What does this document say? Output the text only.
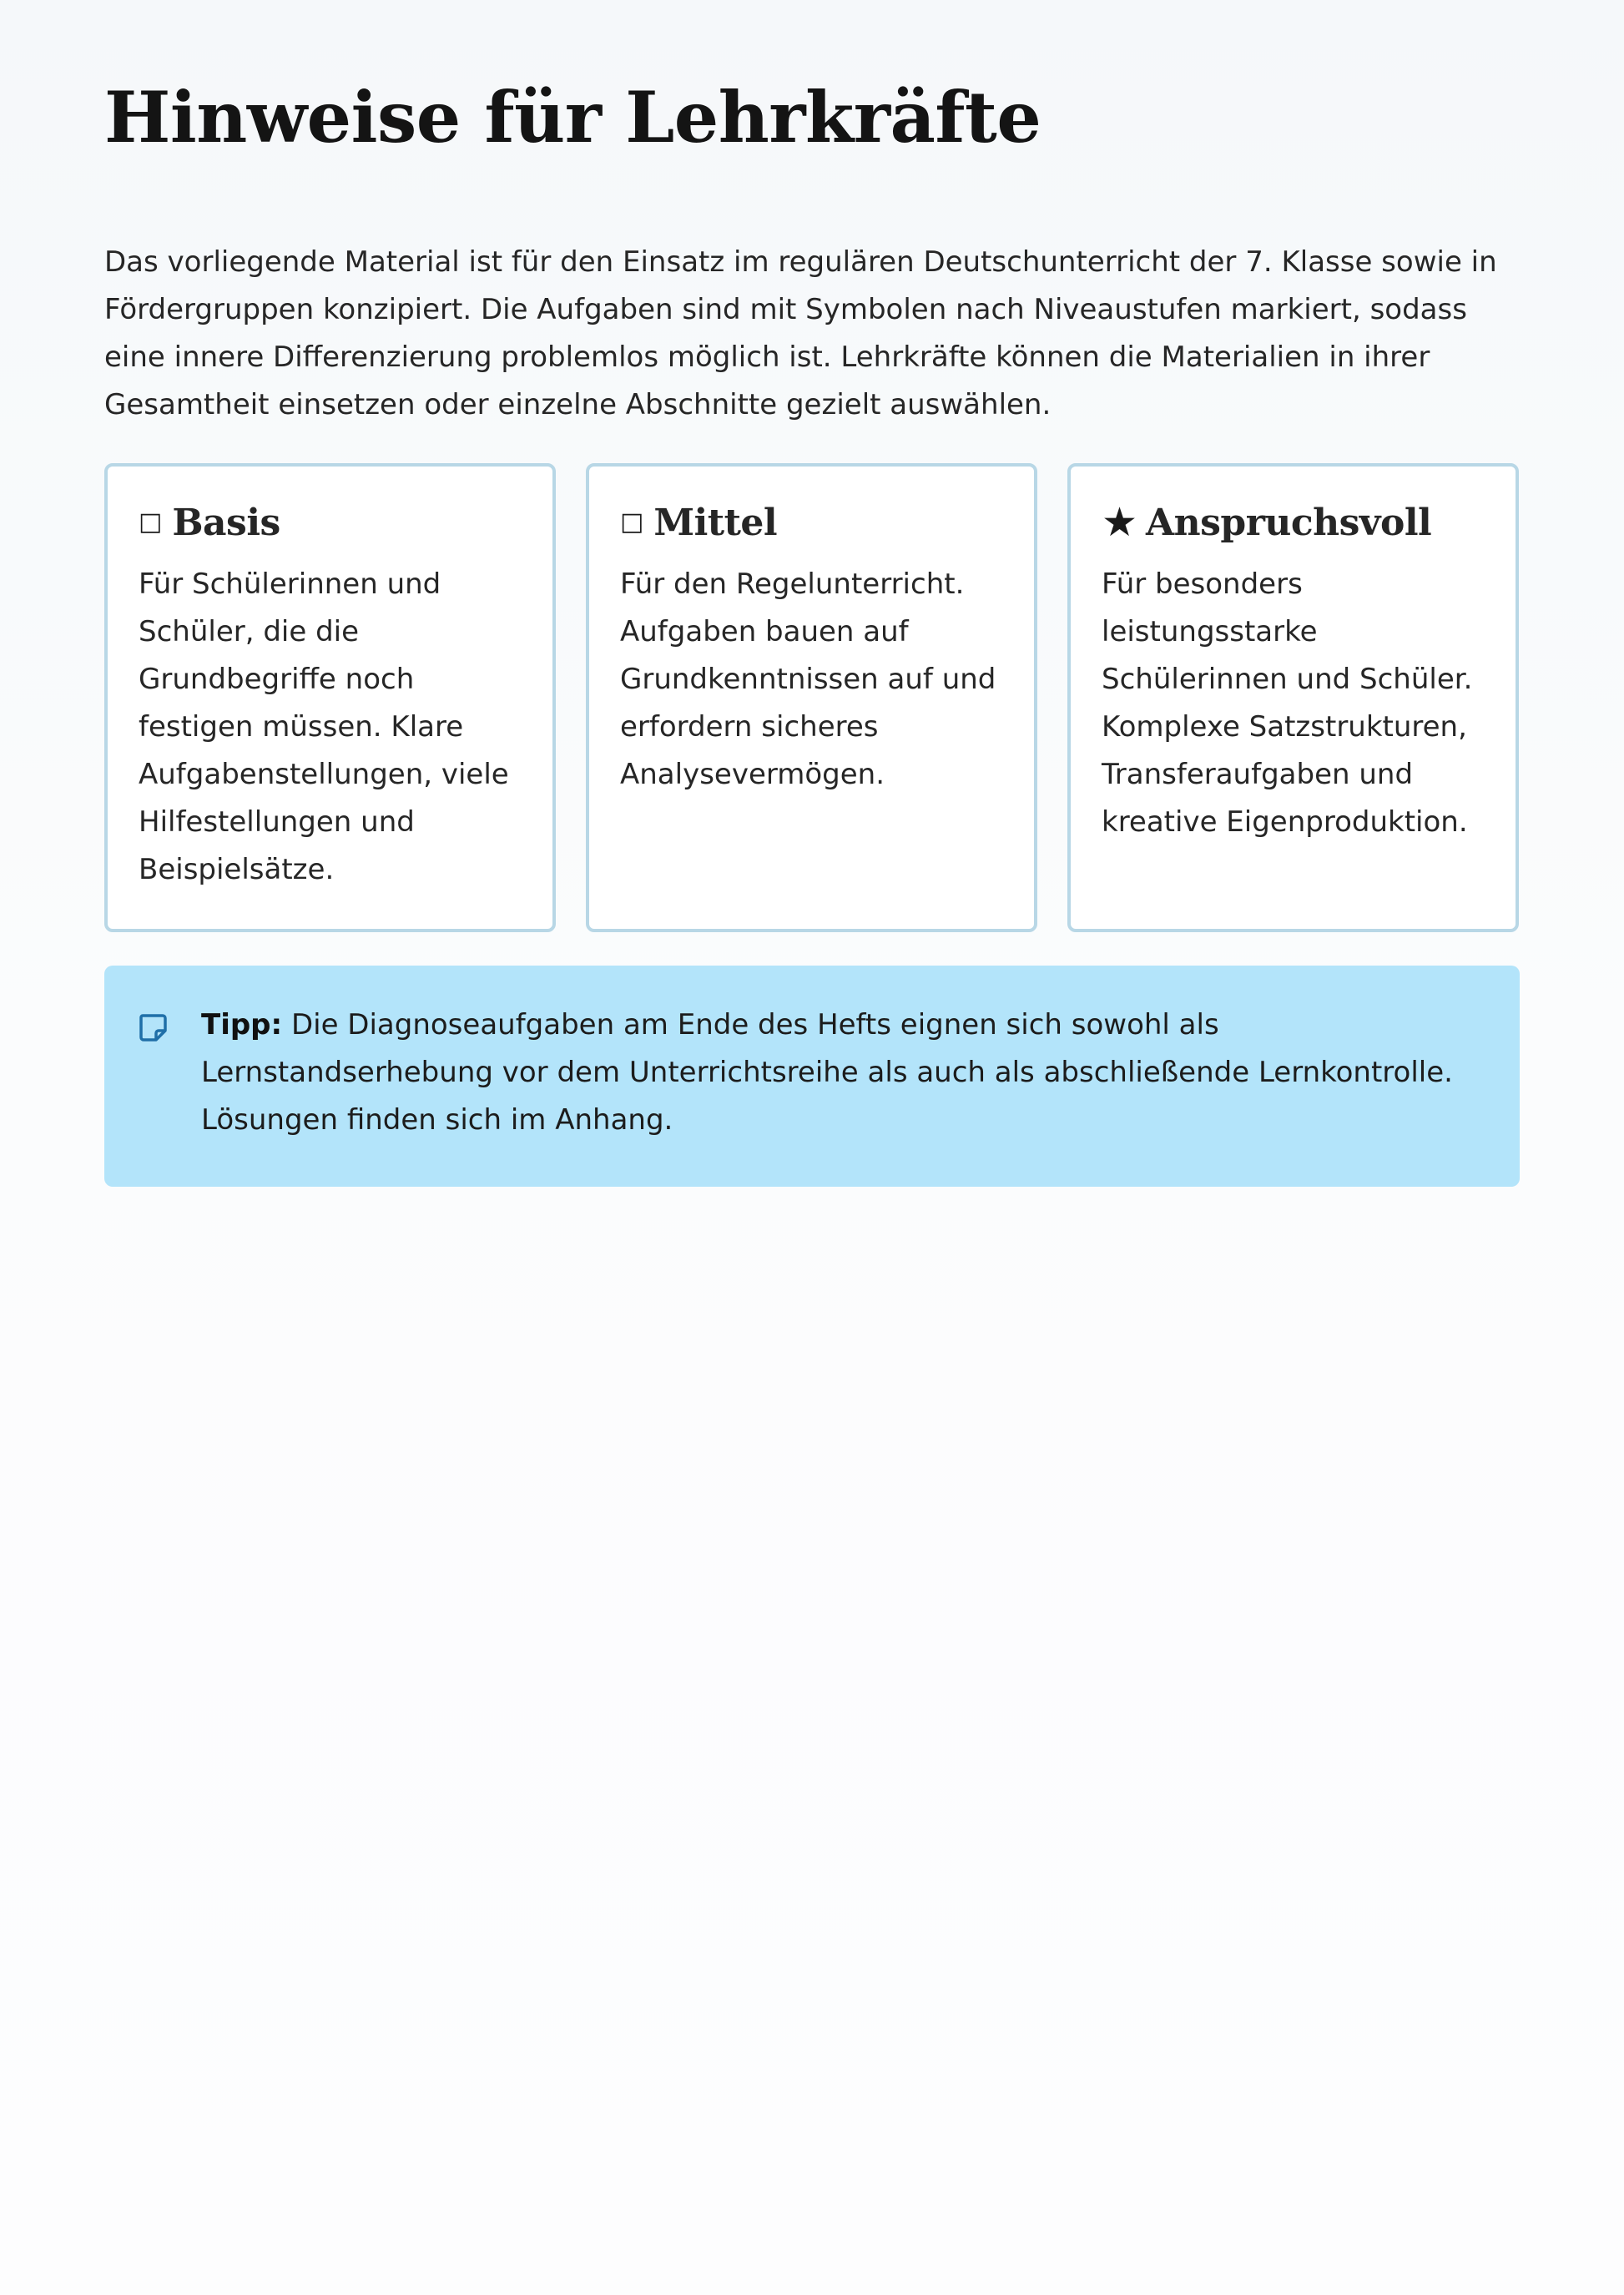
Hinweise für Lehrkräfte

Das vorliegende Material ist für den Einsatz im regulären Deutschunterricht der 7. Klasse sowie in Fördergruppen konzipiert. Die Aufgaben sind mit Symbolen nach Niveaustufen markiert, sodass eine innere Differenzierung problemlos möglich ist. Lehrkräfte können die Materialien in ihrer Gesamtheit einsetzen oder einzelne Abschnitte gezielt auswählen.

□ Basis

Für Schülerinnen und Schüler, die die Grundbegriffe noch festigen müssen. Klare Aufgabenstellungen, viele Hilfestellungen und Beispielsätze.

□ Mittel

Für den Regelunterricht. Aufgaben bauen auf Grundkenntnissen auf und erfordern sicheres Analysevermögen.

★ Anspruchsvoll

Für besonders leistungsstarke Schülerinnen und Schüler. Komplexe Satzstrukturen, Transferaufgaben und kreative Eigenproduktion.

Tipp: Die Diagnoseaufgaben am Ende des Hefts eignen sich sowohl als Lernstandserhebung vor dem Unterrichtsreihe als auch als abschließende Lernkontrolle. Lösungen finden sich im Anhang.
